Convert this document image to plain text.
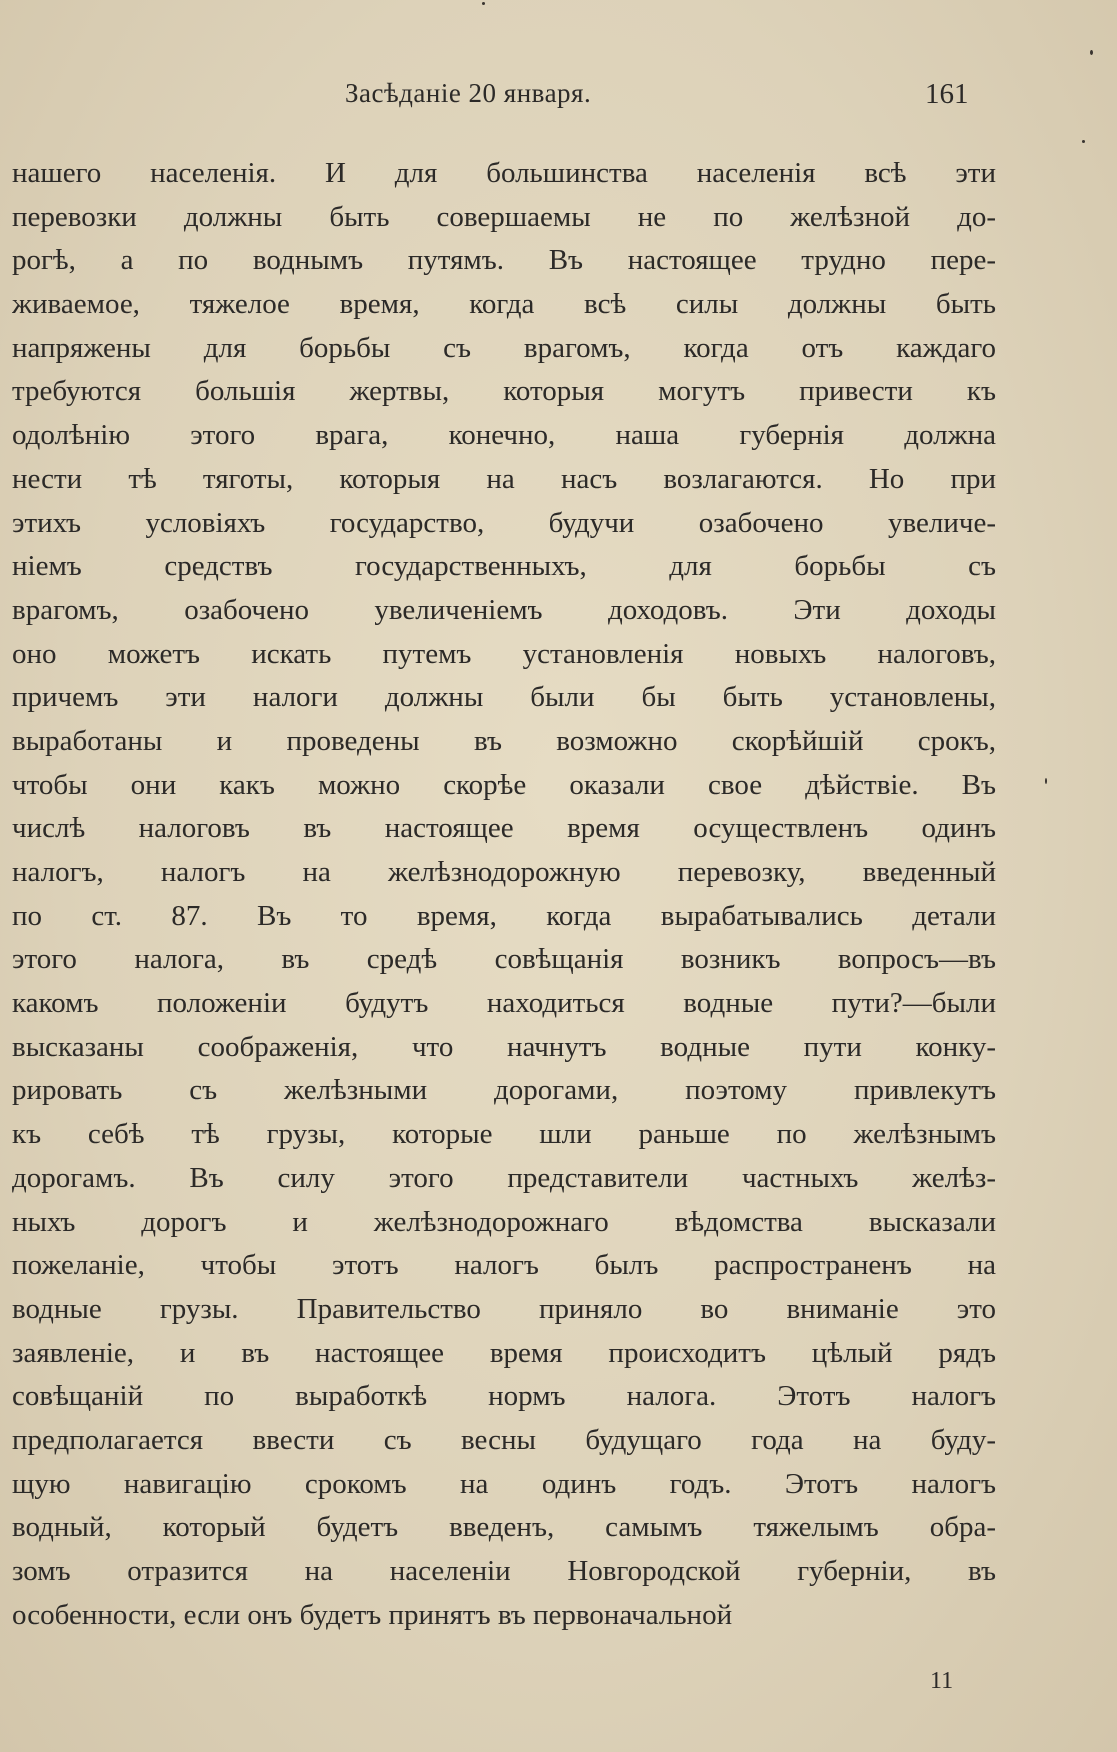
Засѣданіе 20 января.	161
нашего населенія. И для большинства населенія всѣ эти
перевозки должны быть совершаемы не по желѣзной до-
рогѣ, а по воднымъ путямъ. Въ настоящее трудно пере-
живаемое, тяжелое время, когда всѣ силы должны быть
напряжены для борьбы съ врагомъ, когда отъ каждаго
требуются большія жертвы, которыя могутъ привести къ
одолѣнію этого врага, конечно, наша губернія должна
нести тѣ тяготы, которыя на насъ возлагаются. Но при
этихъ условіяхъ государство, будучи озабочено увеличе-
ніемъ средствъ государственныхъ, для борьбы съ
врагомъ, озабочено увеличеніемъ доходовъ. Эти доходы
оно можетъ искать путемъ установленія новыхъ налоговъ,
причемъ эти налоги должны были бы быть установлены,
выработаны и проведены въ возможно скорѣйшій срокъ,
чтобы они какъ можно скорѣе оказали свое дѣйствіе. Въ
числѣ налоговъ въ настоящее время осуществленъ одинъ
налогъ, налогъ на желѣзнодорожную перевозку, введенный
по ст. 87. Въ то время, когда вырабатывались детали
этого налога, въ средѣ совѣщанія возникъ вопросъ—въ
какомъ положеніи будутъ находиться водные пути?—были
высказаны соображенія, что начнутъ водные пути конку-
рировать съ желѣзными дорогами, поэтому привлекутъ
къ себѣ тѣ грузы, которые шли раньше по желѣзнымъ
дорогамъ. Въ силу этого представители частныхъ желѣз-
ныхъ дорогъ и желѣзнодорожнаго вѣдомства высказали
пожеланіе, чтобы этотъ налогъ былъ распространенъ на
водные грузы. Правительство приняло во вниманіе это
заявленіе, и въ настоящее время происходитъ цѣлый рядъ
совѣщаній по выработкѣ нормъ налога. Этотъ налогъ
предполагается ввести съ весны будущаго года на буду-
щую навигацію срокомъ на одинъ годъ. Этотъ налогъ
водный, который будетъ введенъ, самымъ тяжелымъ обра-
зомъ отразится на населеніи Новгородской губерніи, въ
особенности, если онъ будетъ принятъ въ первоначальной
11
